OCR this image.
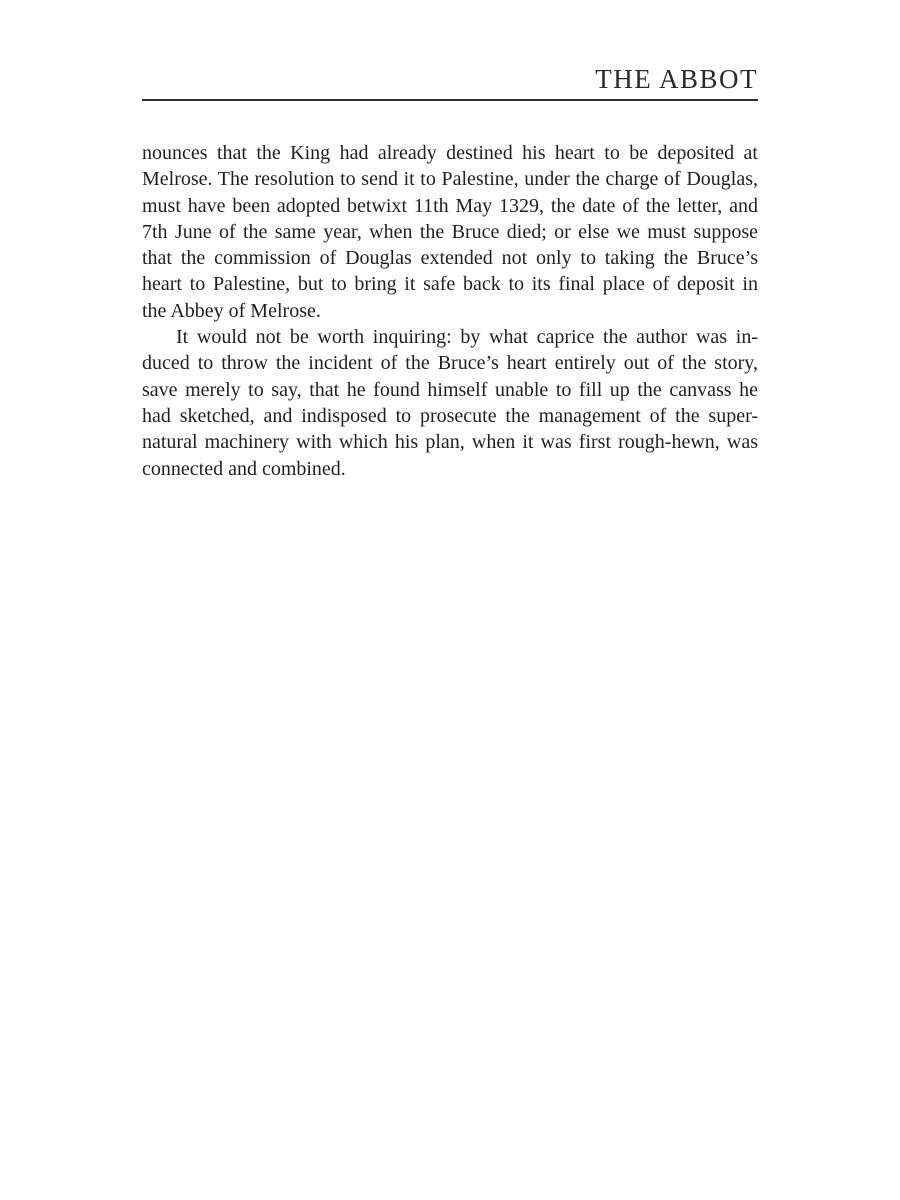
THE ABBOT
nounces that the King had already destined his heart to be deposited at
Melrose. The resolution to send it to Palestine, under the charge of Douglas,
must have been adopted betwixt 11th May 1329, the date of the letter, and
7th June of the same year, when the Bruce died; or else we must suppose
that the commission of Douglas extended not only to taking the Bruce’s
heart to Palestine, but to bring it safe back to its final place of deposit in
the Abbey of Melrose.
It would not be worth inquiring: by what caprice the author was in-
duced to throw the incident of the Bruce’s heart entirely out of the story,
save merely to say, that he found himself unable to fill up the canvass he
had sketched, and indisposed to prosecute the management of the super-
natural machinery with which his plan, when it was first rough-hewn, was
connected and combined.
